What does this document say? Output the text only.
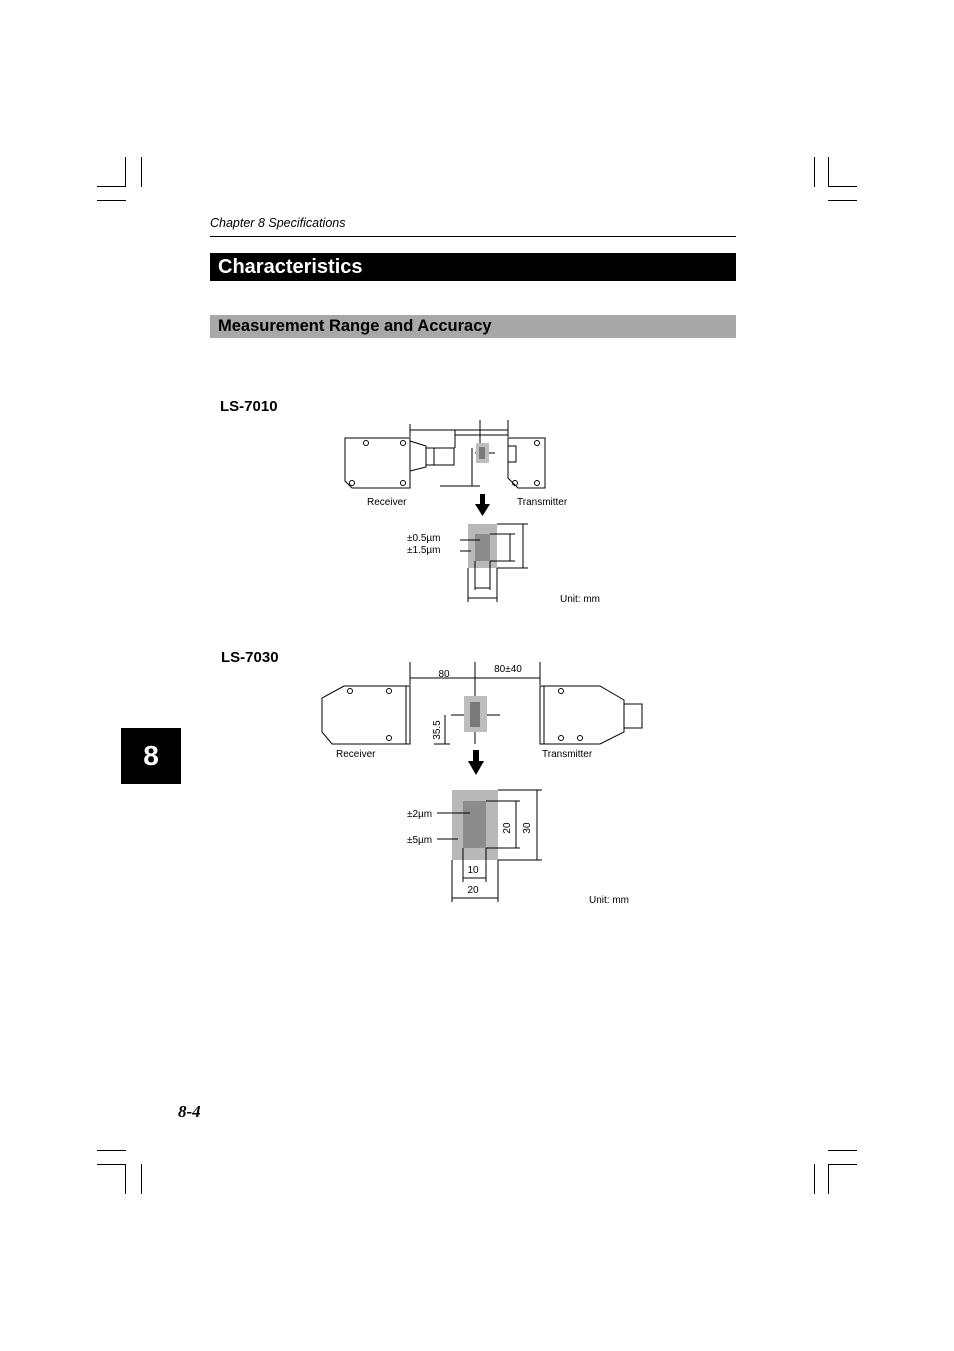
Chapter 8 Specifications
Characteristics
Measurement Range and Accuracy
LS-7010
Receiver	Transmitter
±0.5µm
±1.5µm
Unit: mm
LS-7030
80	80±40
35.5
Receiver	Transmitter
±2µm
±5µm
20 30
10
20
Unit: mm
8
8-4
